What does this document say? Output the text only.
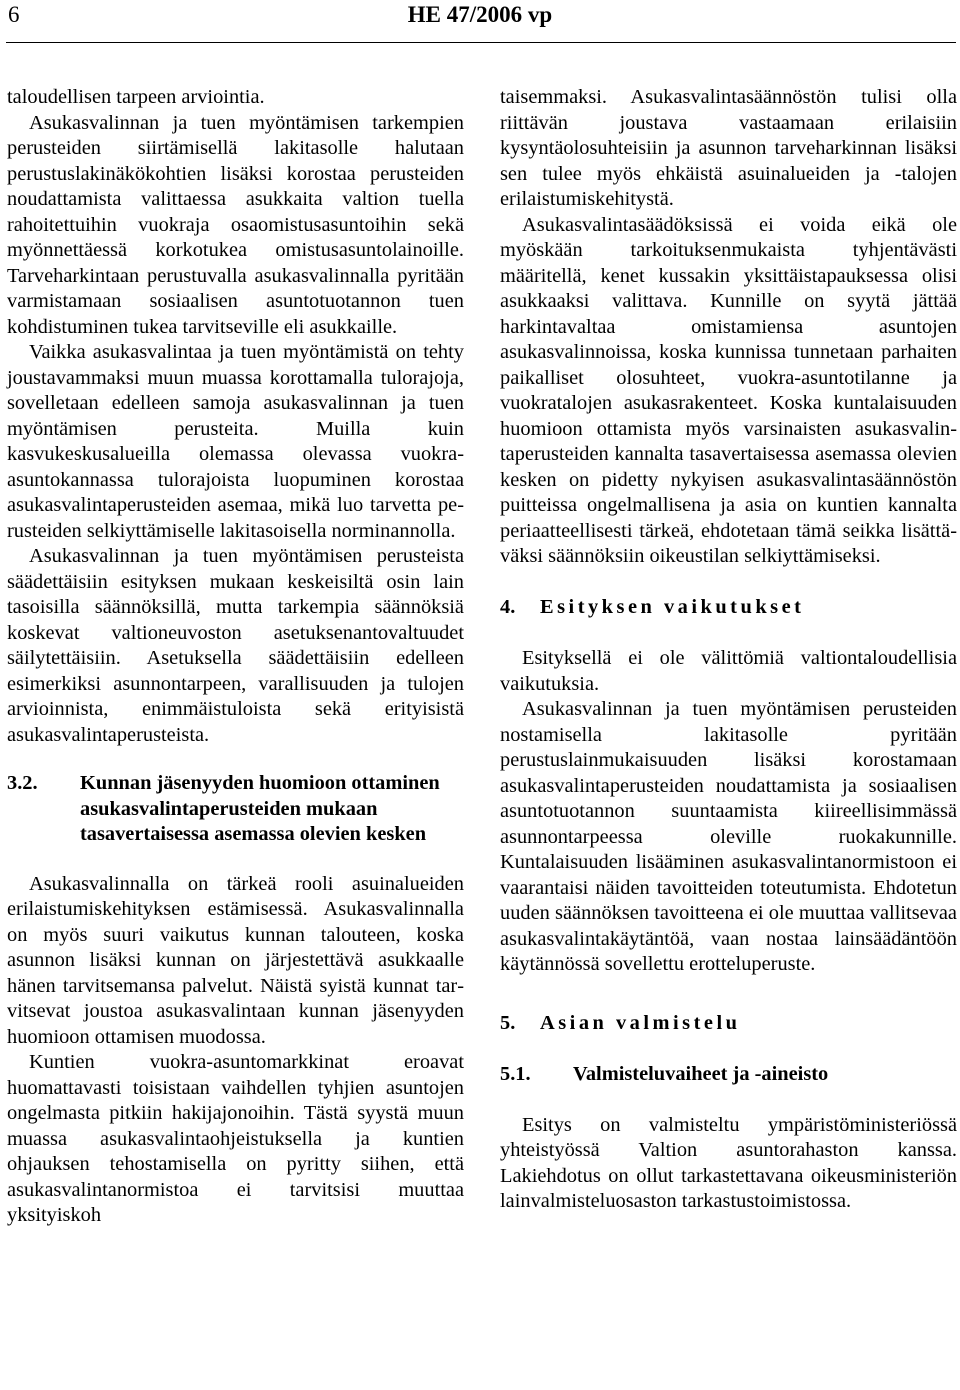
6	HE 47/2006 vp

taloudellisen tarpeen arviointia.

Asukasvalinnan ja tuen myöntämisen tarkempien perusteiden siirtämisellä lakitasolle halutaan perustuslakinäkökohtien lisäksi korostaa perusteiden noudattamista valittaessa asukkaita valtion tuella rahoitettuihin vuokraja osaomistusasuntoihin sekä myönnettäessä korkotukea omistusasuntolainoille. Tarveharkintaan perustuvalla asukasvalinnalla pyritään varmistamaan sosiaalisen asuntotuotannon tuen kohdistuminen tukea tarvitseville eli asukkaille.

Vaikka asukasvalintaa ja tuen myöntämistä on tehty joustavammaksi muun muassa korottamalla tulorajoja, sovelletaan edelleen samoja asukasvalinnan ja tuen myöntämisen perusteita. Muilla kuin kasvukeskusalueilla olemassa olevassa vuokra-asuntokannassa tulorajoista luopuminen korostaa asukasvalintaperusteiden asemaa, mikä luo tarvetta perusteiden selkiyttämiselle lakitasoisella norminannolla.

Asukasvalinnan ja tuen myöntämisen perusteista säädettäisiin esityksen mukaan keskeisiltä osin lain tasoisilla säännöksillä, mutta tarkempia säännöksiä koskevat valtioneuvoston asetuksenantovaltuudet säilytettäisiin. Asetuksella säädettäisiin edelleen esimerkiksi asunnontarpeen, varallisuuden ja tulojen arvioinnista, enimmäistuloista sekä erityisistä asukasvalintaperusteista.

3.2.	Kunnan jäsenyyden huomioon ottaminen asukasvalintaperusteiden mukaan tasavertaisessa asemassa olevien kesken

Asukasvalinnalla on tärkeä rooli asuinalueiden erilaistumiskehityksen estämisessä. Asukasvalinnalla on myös suuri vaikutus kunnan talouteen, koska asunnon lisäksi kunnan on järjestettävä asukkaalle hänen tarvitsemansa palvelut. Näistä syistä kunnat tarvitsevat joustoa asukasvalintaan kunnan jäsenyyden huomioon ottamisen muodossa.

Kuntien vuokra-asuntomarkkinat eroavat huomattavasti toisistaan vaihdellen tyhjien asuntojen ongelmasta pitkiin hakijajonoihin. Tästä syystä muun muassa asukasvalintaohjeistuksella ja kuntien ohjauksen tehostamisella on pyritty siihen, että asukasvalintanormistoa ei tarvitsisi muuttaa yksityiskoh

taisemmaksi. Asukasvalintasäännöstön tulisi olla riittävän joustava vastaamaan erilaisiin kysyntäolosuhteisiin ja asunnon tarveharkinnan lisäksi sen tulee myös ehkäistä asuinalueiden ja -talojen erilaistumiskehitystä.

Asukasvalintasäädöksissä ei voida eikä ole myöskään tarkoituksenmukaista tyhjentävästi määritellä, kenet kussakin yksittäistapauksessa olisi asukkaaksi valittava. Kunnille on syytä jättää harkintavaltaa omistamiensa asuntojen asukasvalinnoissa, koska kunnissa tunnetaan parhaiten paikalliset olosuhteet, vuokra-asuntotilanne ja vuokratalojen asukasrakenteet. Koska kuntalaisuuden huomioon ottamista myös varsinaisten asukasvalintaperusteiden kannalta tasavertaisessa asemassa olevien kesken on pidetty nykyisen asukasvalintasäännöstön puitteissa ongelmallisena ja asia on kuntien kannalta periaatteellisesti tärkeä, ehdotetaan tämä seikka lisättäväksi säännöksiin oikeustilan selkiyttämiseksi.

4. Esityksen vaikutukset

Esityksellä ei ole välittömiä valtiontaloudellisia vaikutuksia.

Asukasvalinnan ja tuen myöntämisen perusteiden nostamisella lakitasolle pyritään perustuslainmukaisuuden lisäksi korostamaan asukasvalintaperusteiden noudattamista ja sosiaalisen asuntotuotannon suuntaamista kiireellisimmässä asunnontarpeessa oleville ruokakunnille. Kuntalaisuuden lisääminen asukasvalintanormistoon ei vaarantaisi näiden tavoitteiden toteutumista. Ehdotetun uuden säännöksen tavoitteena ei ole muuttaa vallitsevaa asukasvalintakäytäntöä, vaan nostaa lainsäädäntöön käytännössä sovellettu erotteluperuste.

5. Asian valmistelu
5.1.	Valmisteluvaiheet ja -aineisto

Esitys on valmisteltu ympäristöministeriössä yhteistyössä Valtion asuntorahaston kanssa. Lakiehdotus on ollut tarkastettavana oikeusministeriön lainvalmisteluosaston tarkastustoimistossa.
